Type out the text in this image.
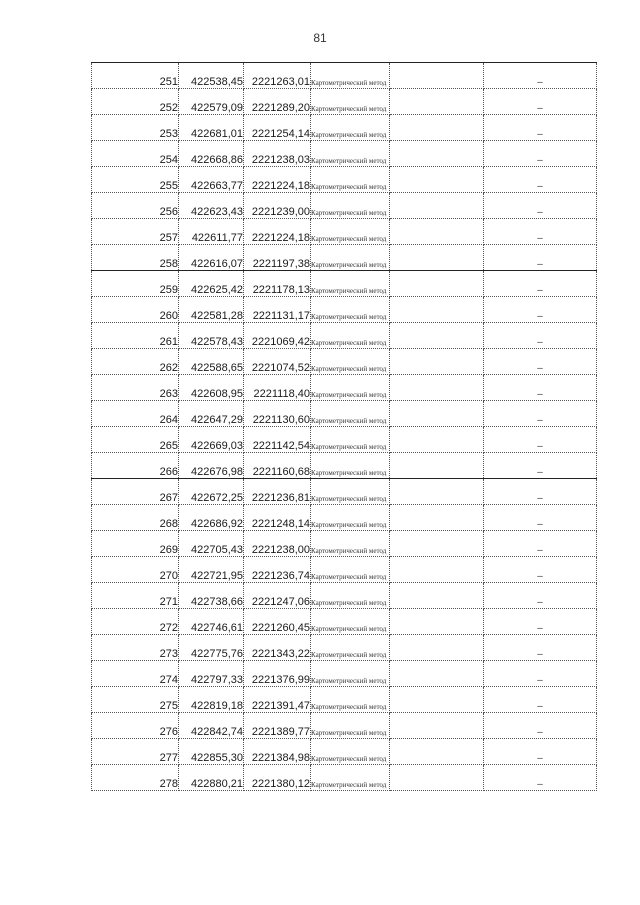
81
251	422538,45	2221263,01	Картометрический метод		–
252	422579,09	2221289,20	Картометрический метод		–
253	422681,01	2221254,14	Картометрический метод		–
254	422668,86	2221238,03	Картометрический метод		–
255	422663,77	2221224,18	Картометрический метод		–
256	422623,43	2221239,00	Картометрический метод		–
257	422611,77	2221224,18	Картометрический метод		–
258	422616,07	2221197,38	Картометрический метод		–
259	422625,42	2221178,13	Картометрический метод		–
260	422581,28	2221131,17	Картометрический метод		–
261	422578,43	2221069,42	Картометрический метод		–
262	422588,65	2221074,52	Картометрический метод		–
263	422608,95	2221118,40	Картометрический метод		–
264	422647,29	2221130,60	Картометрический метод		–
265	422669,03	2221142,54	Картометрический метод		–
266	422676,98	2221160,68	Картометрический метод		–
267	422672,25	2221236,81	Картометрический метод		–
268	422686,92	2221248,14	Картометрический метод		–
269	422705,43	2221238,00	Картометрический метод		–
270	422721,95	2221236,74	Картометрический метод		–
271	422738,66	2221247,06	Картометрический метод		–
272	422746,61	2221260,45	Картометрический метод		–
273	422775,76	2221343,22	Картометрический метод		–
274	422797,33	2221376,99	Картометрический метод		–
275	422819,18	2221391,47	Картометрический метод		–
276	422842,74	2221389,77	Картометрический метод		–
277	422855,30	2221384,98	Картометрический метод		–
278	422880,21	2221380,12	Картометрический метод		–
